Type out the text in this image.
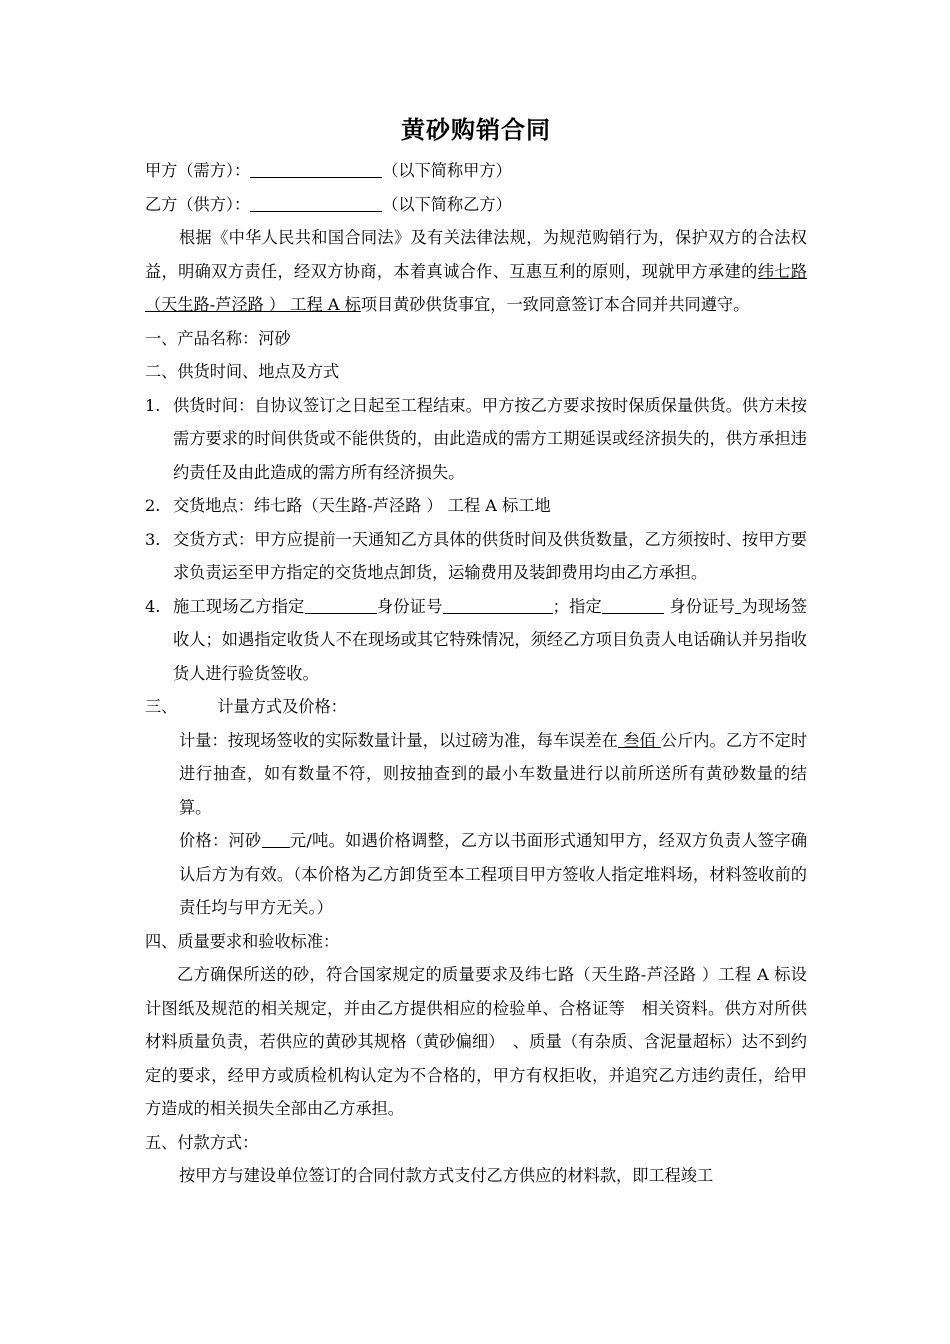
黄砂购销合同
甲方（需方）：	（以下简称甲方）
乙方（供方）：	（以下简称乙方）
根据《中华人民共和国合同法》及有关法律法规，为规范购销行为，保护双方的合法权益，明确双方责任，经双方协商，本着真诚合作、互惠互利的原则，现就甲方承建的纬七路（天生路-芦泾路 ） 工程 A 标项目黄砂供货事宜，一致同意签订本合同并共同遵守。
一、产品名称：河砂
二、供货时间、地点及方式
1. 供货时间：自协议签订之日起至工程结束。甲方按乙方要求按时保质保量供货。供方未按需方要求的时间供货或不能供货的，由此造成的需方工期延误或经济损失的，供方承担违约责任及由此造成的需方所有经济损失。
2. 交货地点：纬七路（天生路-芦泾路 ） 工程 A 标工地
3. 交货方式：甲方应提前一天通知乙方具体的供货时间及供货数量，乙方须按时、按甲方要求负责运至甲方指定的交货地点卸货，运输费用及装卸费用均由乙方承担。
4. 施工现场乙方指定	身份证号	；指定	身份证号 为现场签收人；如遇指定收货人不在现场或其它特殊情况，须经乙方项目负责人电话确认并另指收货人进行验货签收。
三、 计量方式及价格：
计量：按现场签收的实际数量计量，以过磅为准，每车误差在 叁佰 公斤内。乙方不定时进行抽查，如有数量不符，则按抽查到的最小车数量进行以前所送所有黄砂数量的结算。
价格：河砂 元/吨。如遇价格调整，乙方以书面形式通知甲方，经双方负责人签字确认后方为有效。（本价格为乙方卸货至本工程项目甲方签收人指定堆料场，材料签收前的责任均与甲方无关。）
四、质量要求和验收标准：
乙方确保所送的砂，符合国家规定的质量要求及纬七路（天生路-芦泾路 ）工程 A 标设计图纸及规范的相关规定，并由乙方提供相应的检验单、合格证等　相关资料。供方对所供材料质量负责，若供应的黄砂其规格（黄砂偏细）　、质量（有杂质、含泥量超标）达不到约定的要求，经甲方或质检机构认定为不合格的，甲方有权拒收，并追究乙方违约责任，给甲方造成的相关损失全部由乙方承担。
五、付款方式：
按甲方与建设单位签订的合同付款方式支付乙方供应的材料款，即工程竣工
